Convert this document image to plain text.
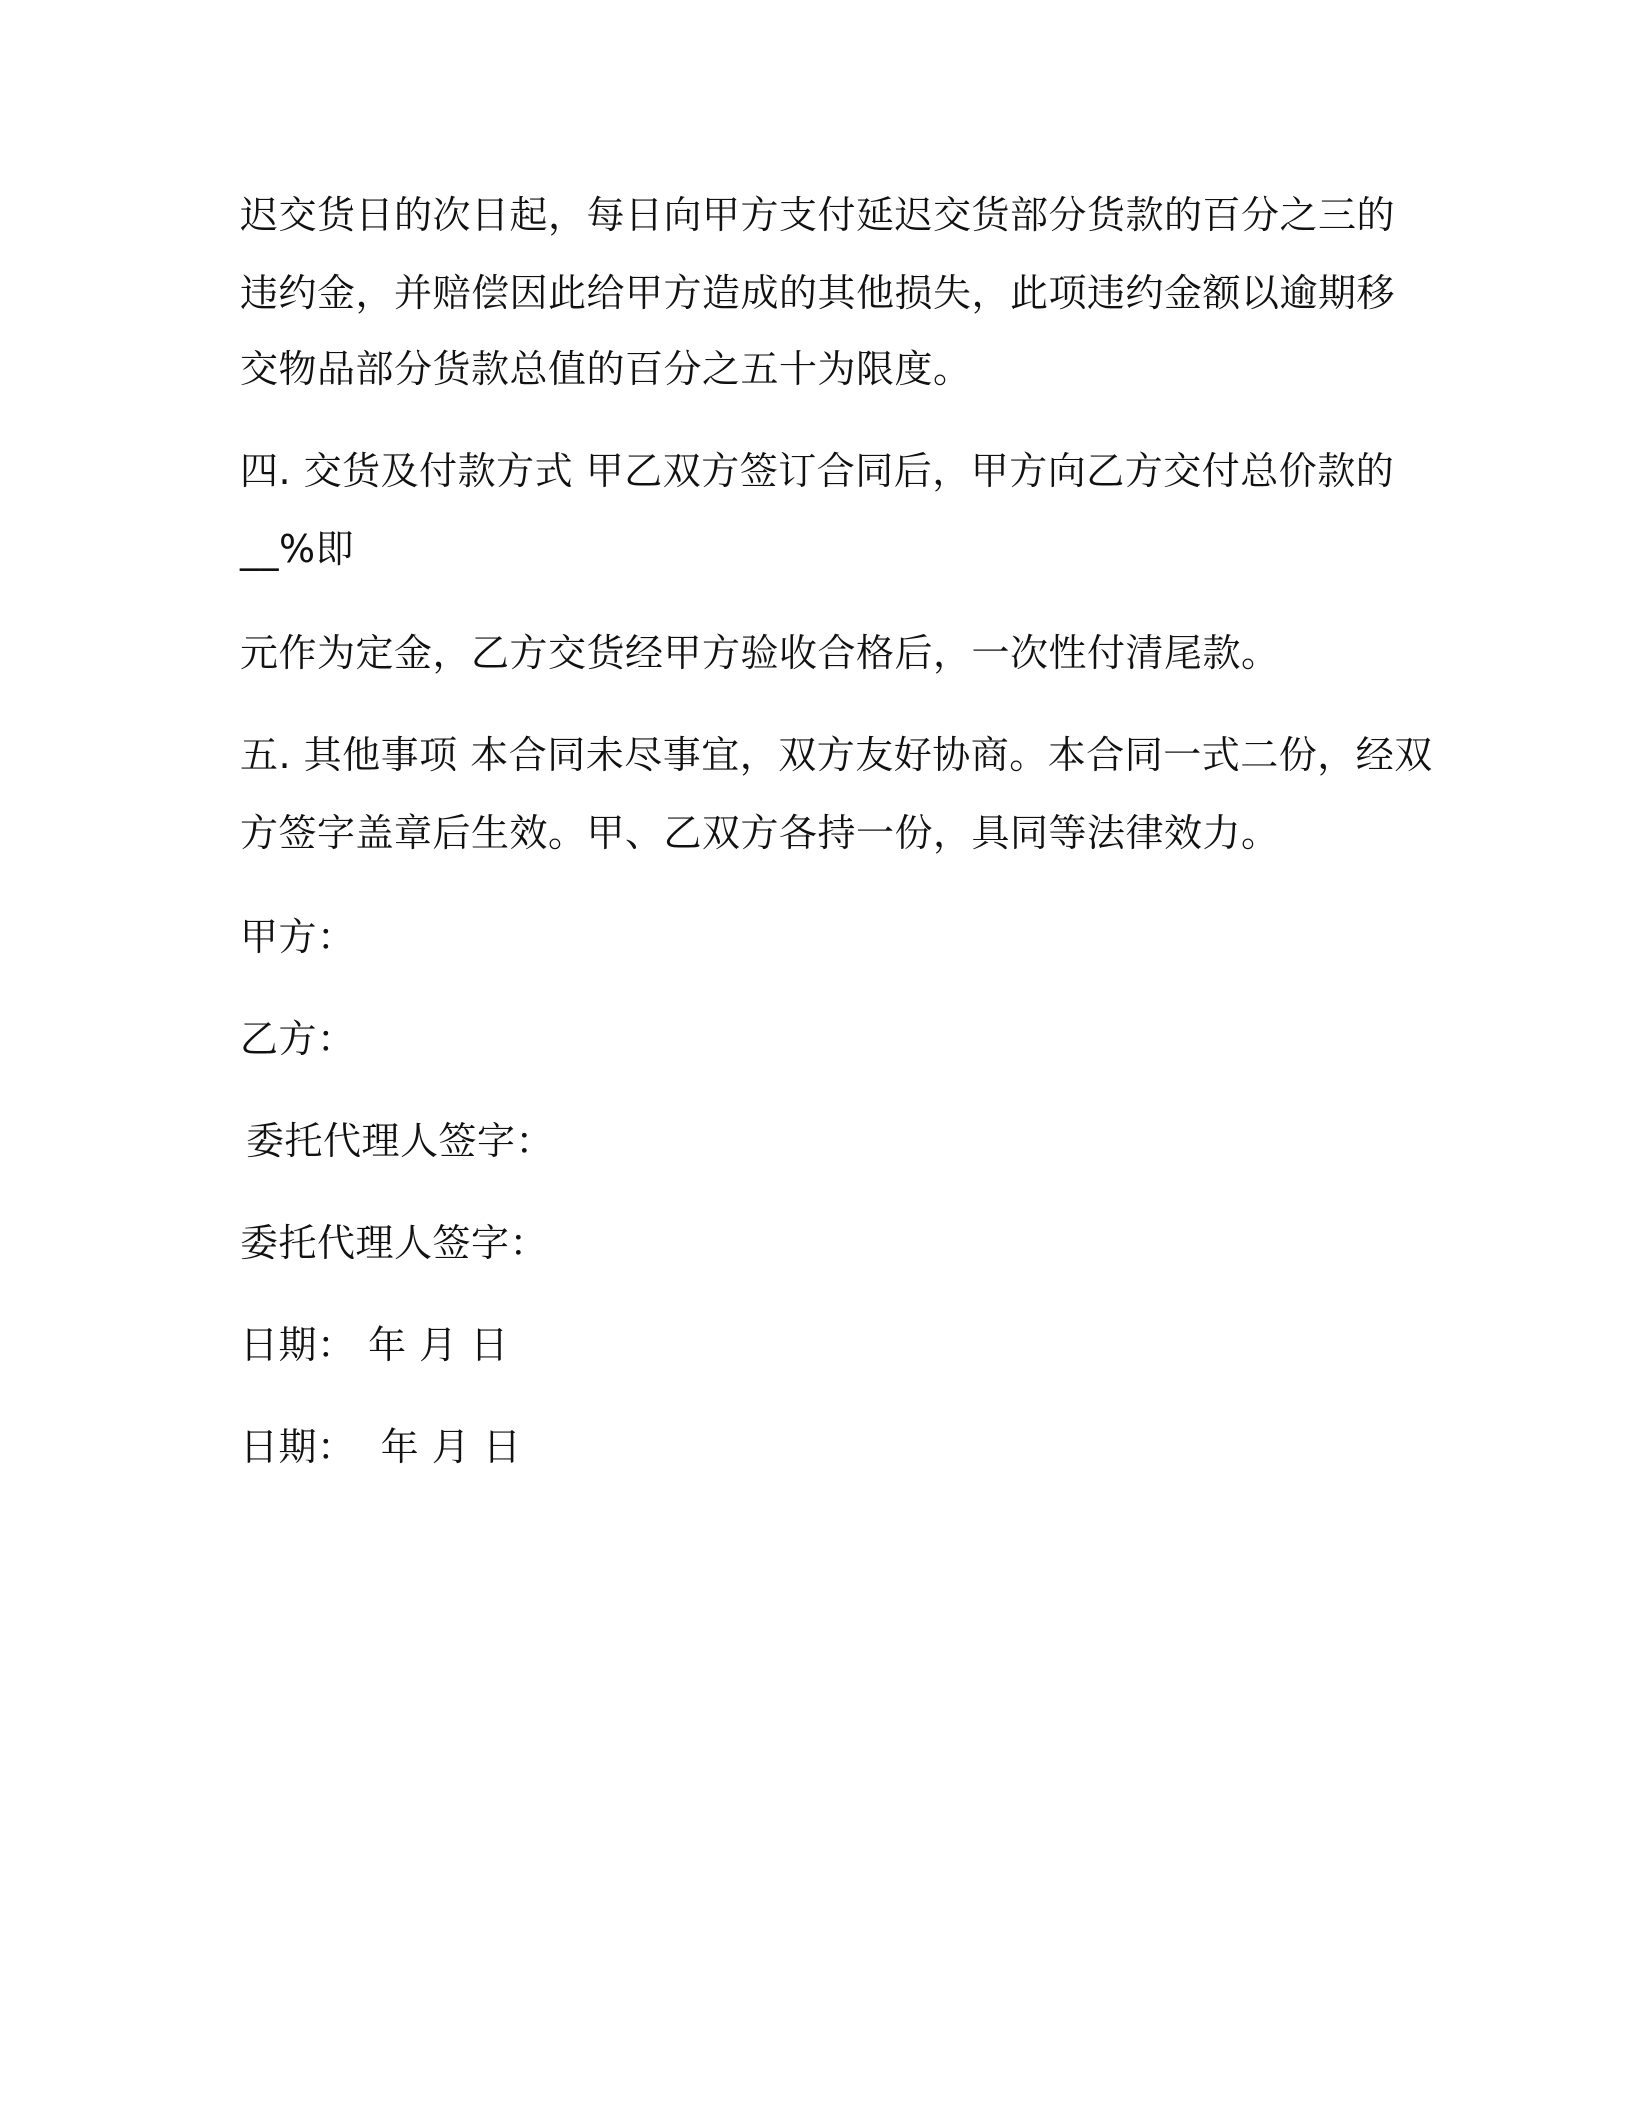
迟交货日的次日起，每日向甲方支付延迟交货部分货款的百分之三的
违约金，并赔偿因此给甲方造成的其他损失，此项违约金额以逾期移
交物品部分货款总值的百分之五十为限度。
四. 交货及付款方式 甲乙双方签订合同后，甲方向乙方交付总价款的
__%即
元作为定金，乙方交货经甲方验收合格后，一次性付清尾款。
五. 其他事项 本合同未尽事宜，双方友好协商。本合同一式二份，经双
方签字盖章后生效。甲、乙双方各持一份，具同等法律效力。
甲方：
乙方：
委托代理人签字：
委托代理人签字：
日期： 年 月 日
日期：  年 月 日
